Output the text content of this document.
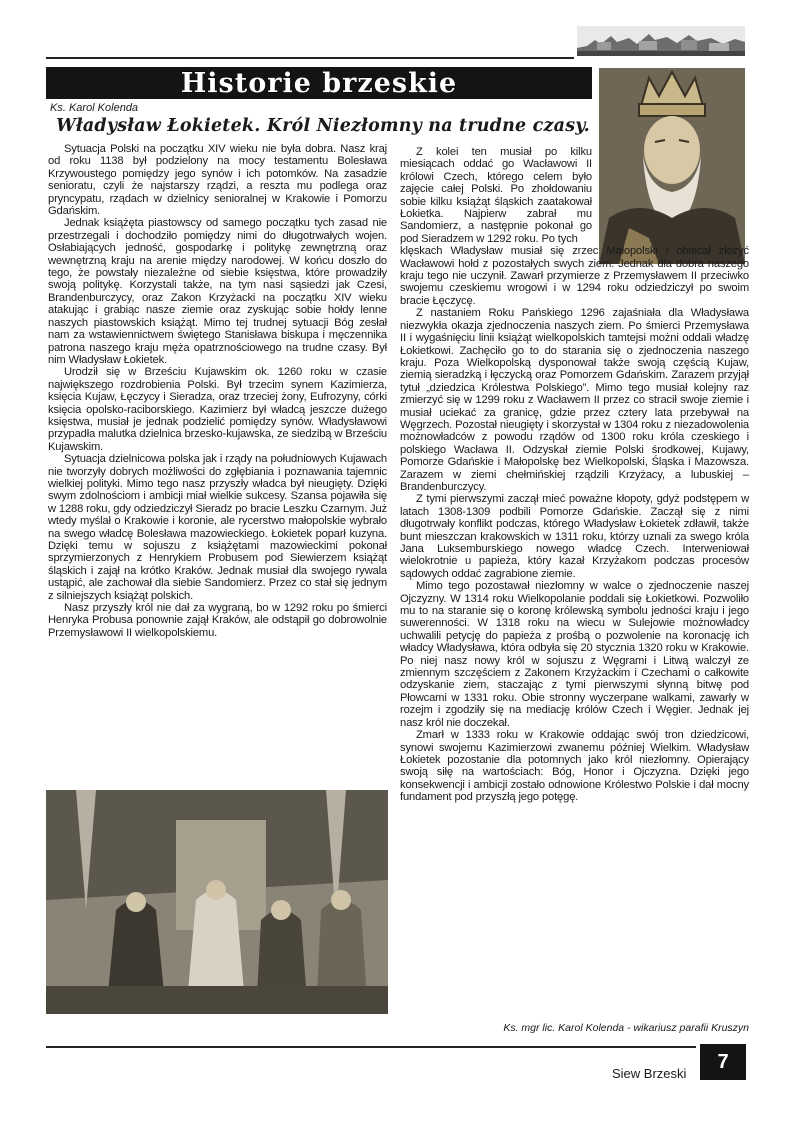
Historie brzeskie
Ks. Karol Kolenda
Władysław Łokietek. Król Niezłomny na trudne czasy.

Sytuacja Polski na początku XIV wieku nie była dobra. Nasz kraj od roku 1138 był podzielony na mocy testamentu Bolesława Krzywoustego pomiędzy jego synów i ich potomków. Na zasadzie senioratu, czyli że najstarszy rządzi, a reszta mu podlega oraz pryncypatu, rządach w dzielnicy senioralnej w Krakowie i Pomorzu Gdańskim.

Jednak książęta piastowscy od samego początku tych zasad nie przestrzegali i dochodziło pomiędzy nimi do długotrwałych wojen. Osłabiających jedność, gospodarkę i politykę zewnętrzną oraz wewnętrzną kraju na arenie między narodowej. W końcu doszło do tego, że powstały niezależne od siebie księstwa, które prowadziły swoją politykę. Korzystali także, na tym nasi sąsiedzi jak Czesi, Brandenburczycy, oraz Zakon Krzyżacki na początku XIV wieku atakując i grabiąc nasze ziemie oraz zyskując sobie hołdy lenne naszych piastowskich książąt. Mimo tej trudnej sytuacji Bóg zesłał nam za wstawiennictwem świętego Stanisława biskupa i męczennika patrona naszego kraju męża opatrznościowego na trudne czasy. Był nim Władysław Łokietek.

Urodził się w Brześciu Kujawskim ok. 1260 roku w czasie największego rozdrobienia Polski. Był trzecim synem Kazimierza, księcia Kujaw, Łęczycy i Sieradza, oraz trzeciej żony, Eufrozyny, córki księcia opolsko-raciborskiego. Kazimierz był władcą jeszcze dużego księstwa, musiał je jednak podzielić pomiędzy synów. Władysławowi przypadła malutka dzielnica brzesko-kujawska, ze siedzibą w Brześciu Kujawskim.

Sytuacja dzielnicowa polska jak i rządy na południowych Kujawach nie tworzyły dobrych możliwości do zgłębiania i poznawania tajemnic wielkiej polityki. Mimo tego nasz przyszły władca był nieugięty. Dzięki swym zdolnościom i ambicji miał wielkie sukcesy. Szansa pojawiła się w 1288 roku, gdy odziedziczył Sieradz po bracie Leszku Czarnym. Już wtedy myślał o Krakowie i koronie, ale rycerstwo małopolskie wybrało na swego władcę Bolesława mazowieckiego. Łokietek poparł kuzyna. Dzięki temu w sojuszu z książętami mazowieckimi pokonał sprzymierzonych z Henrykiem Probusem pod Siewierzem książąt śląskich i zajął na krótko Kraków. Jednak musiał dla swojego rywala ustąpić, ale zachował dla siebie Sandomierz. Przez co stał się jednym z silniejszych książąt polskich.

Nasz przyszły król nie dał za wygraną, bo w 1292 roku po śmierci Henryka Probusa ponownie zajął Kraków, ale odstąpił go dobrowolnie Przemysławowi II wielkopolskiemu.

Z kolei ten musiał po kilku miesiącach oddać go Wacławowi II królowi Czech, którego celem było zajęcie całej Polski. Po zhołdowaniu sobie kilku książąt śląskich zaatakował Łokietka. Najpierw zabrał mu Sandomierz, a następnie pokonał go pod Sieradzem w 1292 roku. Po tych

klęskach Władysław musiał się zrzec Małopolski i obiecał złożyć Wacławowi hołd z pozostałych swych ziem. Jednak dla dobra naszego kraju tego nie uczynił. Zawarł przymierze z Przemysławem II przeciwko swojemu czeskiemu wrogowi i w 1294 roku odziedziczył po swoim bracie Łęczycę.

Z nastaniem Roku Pańskiego 1296 zajaśniała dla Władysława niezwykła okazja zjednoczenia naszych ziem. Po śmierci Przemysława II i wygaśnięciu linii książąt wielkopolskich tamtejsi możni oddali władzę Łokietkowi. Zachęciło go to do starania się o zjednoczenia naszego kraju. Poza Wielkopolską dysponował także swoją częścią Kujaw, ziemią sieradzką i łęczycką oraz Pomorzem Gdańskim. Zarazem przyjął tytuł „dziedzica Królestwa Polskiego”. Mimo tego musiał kolejny raz zmierzyć się w 1299 roku z Wacławem II przez co stracił swoje ziemie i musiał uciekać za granicę, gdzie przez cztery lata przebywał na Węgrzech. Pozostał nieugięty i skorzystał w 1304 roku z niezadowolenia możnowładców z powodu rządów od 1300 roku króla czeskiego i polskiego Wacława II. Odzyskał ziemie Polski środkowej, Kujawy, Pomorze Gdańskie i Małopolskę bez Wielkopolski, Śląska i Mazowsza. Zarazem w ziemi chełmińskiej rządzili Krzyżacy, a lubuskiej – Brandenburczycy.

Z tymi pierwszymi zaczął mieć poważne kłopoty, gdyż podstępem w latach 1308-1309 podbili Pomorze Gdańskie. Zaczął się z nimi długotrwały konflikt podczas, którego Władysław Łokietek zdławił, także bunt mieszczan krakowskich w 1311 roku, którzy uznali za swego króla Jana Luksemburskiego nowego władcę Czech. Interweniował wielokrotnie u papieża, który kazał Krzyżakom podczas procesów sądowych oddać zagrabione ziemie.

Mimo tego pozostawał niezłomny w walce o zjednoczenie naszej Ojczyzny. W 1314 roku Wielkopolanie poddali się Łokietkowi. Pozwoliło mu to na staranie się o koronę królewską symbolu jedności kraju i jego suwerenności. W 1318 roku na wiecu w Sulejowie możnowładcy uchwalili petycję do papieża z prośbą o pozwolenie na koronację ich władcy Władysława, która odbyła się 20 stycznia 1320 roku w Krakowie. Po niej nasz nowy król w sojuszu z Węgrami i Litwą walczył ze zmiennym szczęściem z Zakonem Krzyżackim i Czechami o całkowite odzyskanie ziem, staczając z tymi pierwszymi słynną bitwę pod Płowcami w 1331 roku. Obie stronny wyczerpane walkami, zawarły w rozejm i zgodziły się na mediację królów Czech i Węgier. Jednak jej nasz król nie doczekał.

Zmarł w 1333 roku w Krakowie oddając swój tron dziedzicowi, synowi swojemu Kazimierzowi zwanemu później Wielkim. Władysław Łokietek pozostanie dla potomnych jako król niezłomny. Opierający swoją siłę na wartościach: Bóg, Honor i Ojczyzna. Dzięki jego konsekwencji i ambicji zostało odnowione Królestwo Polskie i dał mocny fundament pod przyszłą jego potęgę.

Ks. mgr lic. Karol Kolenda - wikariusz parafii Kruszyn
Siew Brzeski
7
